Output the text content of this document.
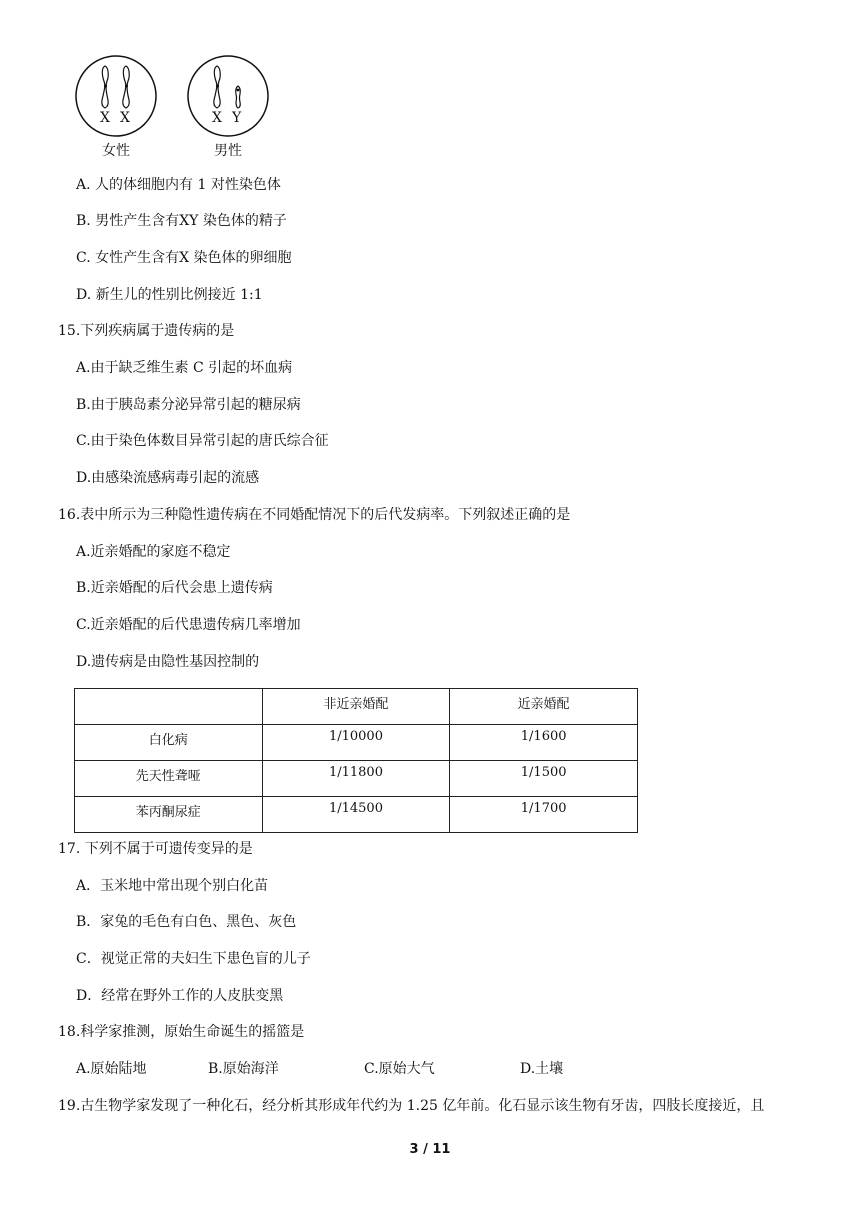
X X
女性
X Y
男性
A. 人的体细胞内有 1 对性染色体
B. 男性产生含有XY 染色体的精子
C. 女性产生含有X 染色体的卵细胞
D. 新生儿的性别比例接近 1:1
15.下列疾病属于遗传病的是
A.由于缺乏维生素 C 引起的坏血病
B.由于胰岛素分泌异常引起的糖尿病
C.由于染色体数目异常引起的唐氏综合征
D.由感染流感病毒引起的流感
16.表中所示为三种隐性遗传病在不同婚配情况下的后代发病率。下列叙述正确的是
A.近亲婚配的家庭不稳定
B.近亲婚配的后代会患上遗传病
C.近亲婚配的后代患遗传病几率增加
D.遗传病是由隐性基因控制的
	非近亲婚配	近亲婚配
白化病	1/10000	1/1600
先天性聋哑	1/11800	1/1500
苯丙酮尿症	1/14500	1/1700
17. 下列不属于可遗传变异的是
A．玉米地中常出现个别白化苗
B．家兔的毛色有白色、黑色、灰色
C．视觉正常的夫妇生下患色盲的儿子
D．经常在野外工作的人皮肤变黑
18.科学家推测，原始生命诞生的摇篮是
A.原始陆地	B.原始海洋	C.原始大气	D.土壤
19.古生物学家发现了一种化石，经分析其形成年代约为 1.25 亿年前。化石显示该生物有牙齿，四肢长度接近，且
3 / 11
